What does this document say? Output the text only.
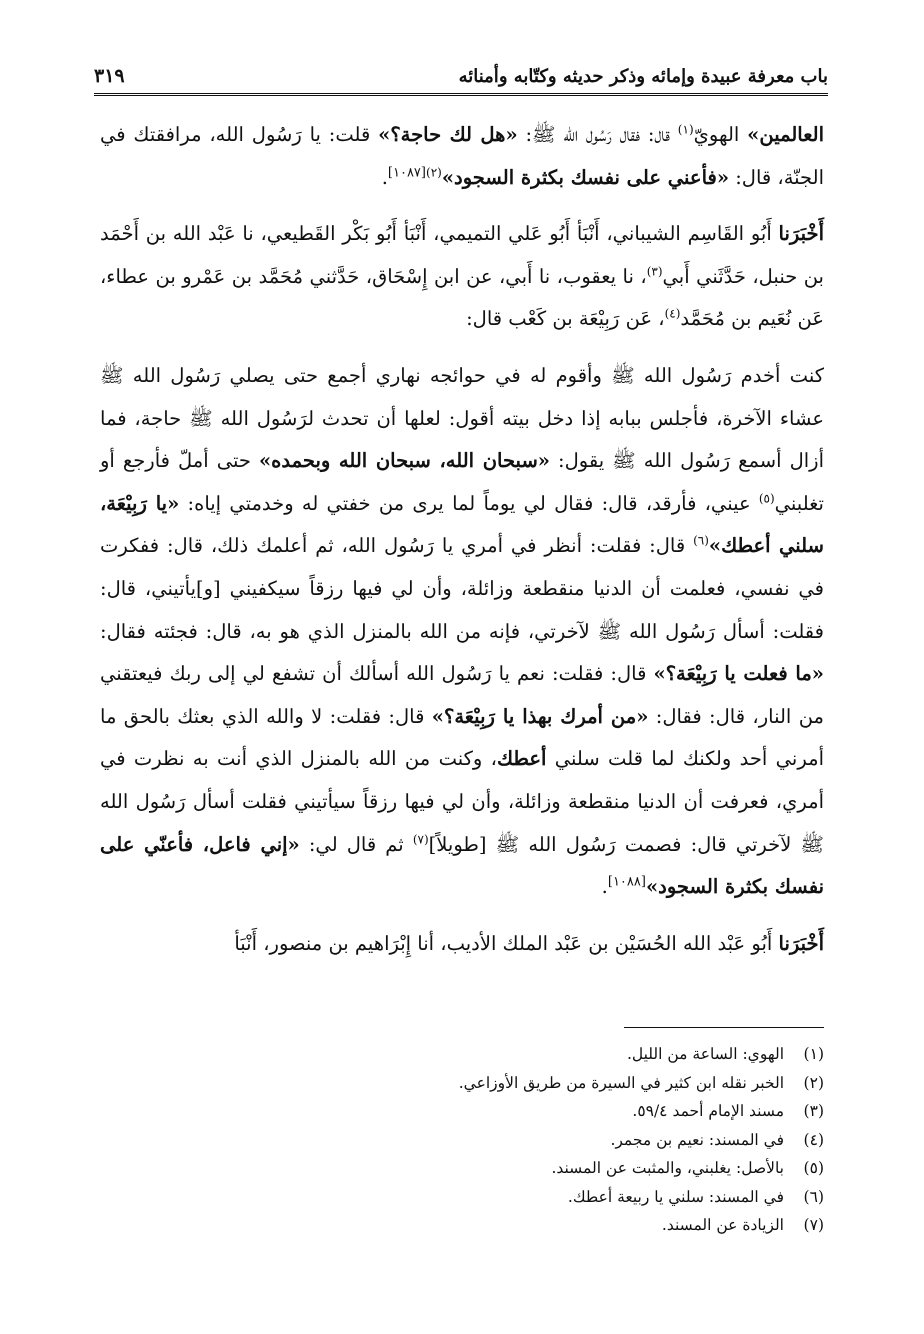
باب معرفة عبيدة وإمائه وذكر حديثه وكتّابه وأمنائه
٣١٩

العالمين» الهويّ$^{(١)}$ قال: فقال رَسُول الله ﷺ: «هل لك حاجة؟» قلت: يا رَسُول الله، مرافقتك في الجنّة، قال: «فأعني على نفسك بكثرة السجود»$^{(٢)[١٠٨٧]}$.

أَخْبَرَنا أَبُو القَاسِم الشيباني، أَنْبَأ أَبُو عَلي التميمي، أَنْبَأ أَبُو بَكْر القَطيعي، نا عَبْد الله بن أَحْمَد بن حنبل، حَدَّثَني أَبي$^{(٣)}$، نا يعقوب، نا أَبي، عن ابن إِسْحَاق، حَدَّثني مُحَمَّد بن عَمْرو بن عطاء، عَن نُعَيم بن مُحَمَّد$^{(٤)}$، عَن رَبِيْعَة بن كَعْب قال:

كنت أخدم رَسُول الله ﷺ وأقوم له في حوائجه نهاري أجمع حتى يصلي رَسُول الله ﷺ عشاء الآخرة، فأجلس ببابه إذا دخل بيته أقول: لعلها أن تحدث لرَسُول الله ﷺ حاجة، فما أزال أسمع رَسُول الله ﷺ يقول: «سبحان الله، سبحان الله وبحمده» حتى أملّ فأرجع أو تغلبني$^{(٥)}$ عيني، فأرقد، قال: فقال لي يوماً لما يرى من خفتي له وخدمتي إياه: «يا رَبِيْعَة، سلني أعطك»$^{(٦)}$ قال: فقلت: أنظر في أمري يا رَسُول الله، ثم أعلمك ذلك، قال: ففكرت في نفسي، فعلمت أن الدنيا منقطعة وزائلة، وأن لي فيها رزقاً سيكفيني [و]يأتيني، قال: فقلت: أسأل رَسُول الله ﷺ لآخرتي، فإنه من الله بالمنزل الذي هو به، قال: فجئته فقال: «ما فعلت يا رَبِيْعَة؟» قال: فقلت: نعم يا رَسُول الله أسألك أن تشفع لي إلى ربك فيعتقني من النار، قال: فقال: «من أمرك بهذا يا رَبِيْعَة؟» قال: فقلت: لا والله الذي بعثك بالحق ما أمرني أحد ولكنك لما قلت سلني أعطك، وكنت من الله بالمنزل الذي أنت به نظرت في أمري، فعرفت أن الدنيا منقطعة وزائلة، وأن لي فيها رزقاً سيأتيني فقلت أسأل رَسُول الله ﷺ لآخرتي قال: فصمت رَسُول الله ﷺ [طويلاً]$^{(٧)}$ ثم قال لي: «إني فاعل، فأعنّي على نفسك بكثرة السجود»[١٠٨٨].

أَخْبَرَنا أَبُو عَبْد الله الحُسَيْن بن عَبْد الملك الأديب، أنا إِبْرَاهيم بن منصور، أَنْبَأ

(١)
الهوي: الساعة من الليل.
(٢)
الخبر نقله ابن كثير في السيرة من طريق الأوزاعي.
(٣)
مسند الإمام أحمد ٥٩/٤.
(٤)
في المسند: نعيم بن مجمر.
(٥)
بالأصل: يغلبني، والمثبت عن المسند.
(٦)
في المسند: سلني يا ربيعة أعطك.
(٧)
الزيادة عن المسند.
